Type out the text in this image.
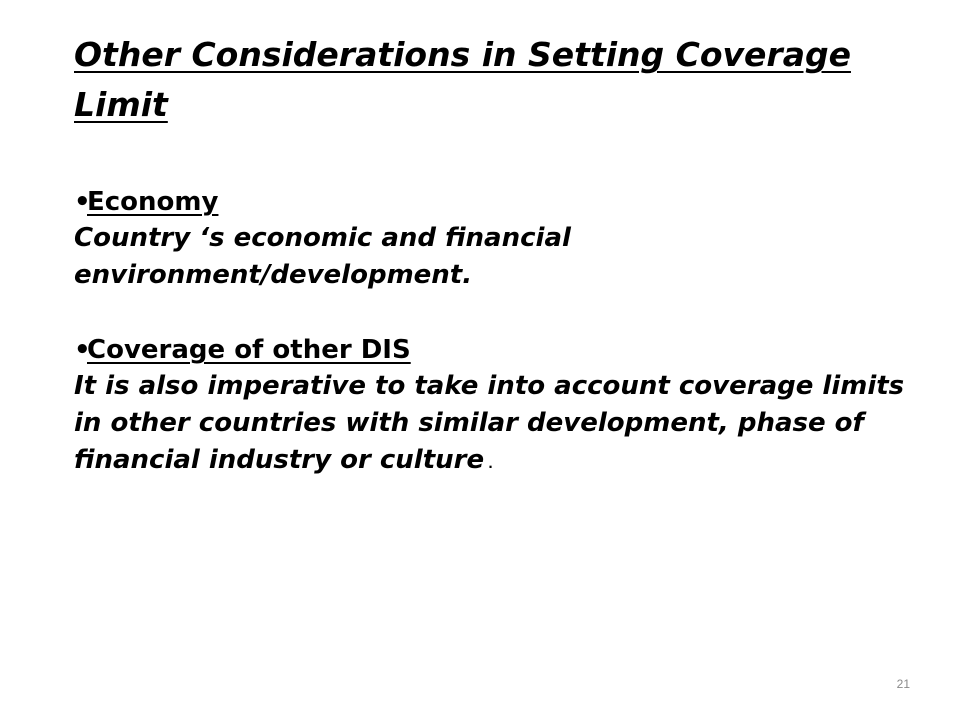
Other Considerations in Setting Coverage Limit
•
Economy

Country ‘s economic and financial environment/development.

•
Coverage of other DIS

It is also imperative to take into account coverage limits in other countries with similar development, phase of financial industry or culture .

21
